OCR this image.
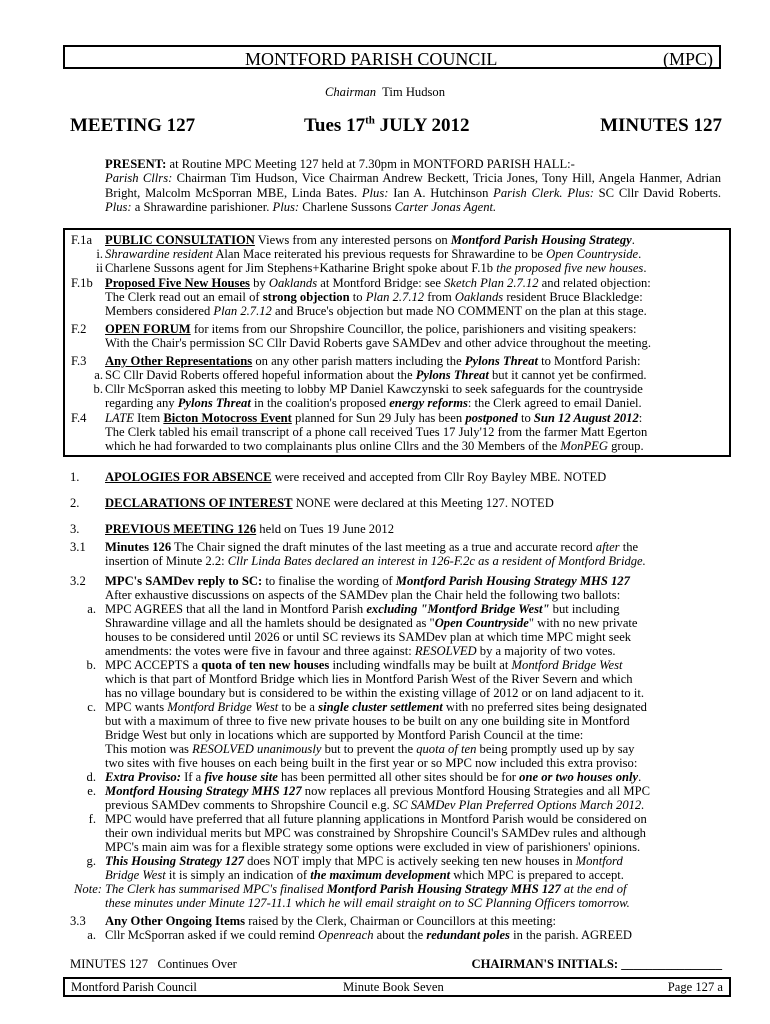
MONTFORD PARISH COUNCIL	(MPC)
Chairman Tim Hudson
MEETING 127	Tues 17th JULY 2012	MINUTES 127

PRESENT: at Routine MPC Meeting 127 held at 7.30pm in MONTFORD PARISH HALL:-

Parish Cllrs: Chairman Tim Hudson, Vice Chairman Andrew Beckett, Tricia Jones, Tony Hill, Angela Hanmer, Adrian Bright, Malcolm McSporran MBE, Linda Bates. Plus: Ian A. Hutchinson Parish Clerk. Plus: SC Cllr David Roberts. Plus: a Shrawardine parishioner. Plus: Charlene Sussons Carter Jonas Agent.

F.1a PUBLIC CONSULTATION Views from any interested persons on Montford Parish Housing Strategy.
i. Shrawardine resident Alan Mace reiterated his previous requests for Shrawardine to be Open Countryside.
ii Charlene Sussons agent for Jim Stephens+Katharine Bright spoke about F.1b the proposed five new houses.
F.1b Proposed Five New Houses by Oaklands at Montford Bridge: see Sketch Plan 2.7.12 and related objection:
The Clerk read out an email of strong objection to Plan 2.7.12 from Oaklands resident Bruce Blackledge:
Members considered Plan 2.7.12 and Bruce's objection but made NO COMMENT on the plan at this stage.
F.2 OPEN FORUM for items from our Shropshire Councillor, the police, parishioners and visiting speakers:
With the Chair's permission SC Cllr David Roberts gave SAMDev and other advice throughout the meeting.
F.3 Any Other Representations on any other parish matters including the Pylons Threat to Montford Parish:
a. SC Cllr David Roberts offered hopeful information about the Pylons Threat but it cannot yet be confirmed.
b. Cllr McSporran asked this meeting to lobby MP Daniel Kawczynski to seek safeguards for the countryside
regarding any Pylons Threat in the coalition's proposed energy reforms: the Clerk agreed to email Daniel.
F.4 LATE Item Bicton Motocross Event planned for Sun 29 July has been postponed to Sun 12 August 2012:
The Clerk tabled his email transcript of a phone call received Tues 17 July'12 from the farmer Matt Egerton
which he had forwarded to two complainants plus online Cllrs and the 30 Members of the MonPEG group.
1. APOLOGIES FOR ABSENCE were received and accepted from Cllr Roy Bayley MBE. NOTED
2. DECLARATIONS OF INTEREST NONE were declared at this Meeting 127. NOTED
3. PREVIOUS MEETING 126 held on Tues 19 June 2012
3.1 Minutes 126 The Chair signed the draft minutes of the last meeting as a true and accurate record after the
insertion of Minute 2.2: Cllr Linda Bates declared an interest in 126-F.2c as a resident of Montford Bridge.
3.2 MPC's SAMDev reply to SC: to finalise the wording of Montford Parish Housing Strategy MHS 127
After exhaustive discussions on aspects of the SAMDev plan the Chair held the following two ballots:
a. MPC AGREES that all the land in Montford Parish excluding "Montford Bridge West" but including
Shrawardine village and all the hamlets should be designated as "Open Countryside" with no new private
houses to be considered until 2026 or until SC reviews its SAMDev plan at which time MPC might seek
amendments: the votes were five in favour and three against: RESOLVED by a majority of two votes.
b. MPC ACCEPTS a quota of ten new houses including windfalls may be built at Montford Bridge West
which is that part of Montford Bridge which lies in Montford Parish West of the River Severn and which
has no village boundary but is considered to be within the existing village of 2012 or on land adjacent to it.
c. MPC wants Montford Bridge West to be a single cluster settlement with no preferred sites being designated
but with a maximum of three to five new private houses to be built on any one building site in Montford
Bridge West but only in locations which are supported by Montford Parish Council at the time:
This motion was RESOLVED unanimously but to prevent the quota of ten being promptly used up by say
two sites with five houses on each being built in the first year or so MPC now included this extra proviso:
d. Extra Proviso: If a five house site has been permitted all other sites should be for one or two houses only.
e. Montford Housing Strategy MHS 127 now replaces all previous Montford Housing Strategies and all MPC
previous SAMDev comments to Shropshire Council e.g. SC SAMDev Plan Preferred Options March 2012.
f. MPC would have preferred that all future planning applications in Montford Parish would be considered on
their own individual merits but MPC was constrained by Shropshire Council's SAMDev rules and although
MPC's main aim was for a flexible strategy some options were excluded in view of parishioners' opinions.
g. This Housing Strategy 127 does NOT imply that MPC is actively seeking ten new houses in Montford
Bridge West it is simply an indication of the maximum development which MPC is prepared to accept.
Note: The Clerk has summarised MPC's finalised Montford Parish Housing Strategy MHS 127 at the end of
these minutes under Minute 127-11.1 which he will email straight on to SC Planning Officers tomorrow.
3.3 Any Other Ongoing Items raised by the Clerk, Chairman or Councillors at this meeting:
a. Cllr McSporran asked if we could remind Openreach about the redundant poles in the parish. AGREED
MINUTES 127   Continues Over	CHAIRMAN'S INITIALS: ________________
Montford Parish Council	Minute Book Seven	Page 127 a
